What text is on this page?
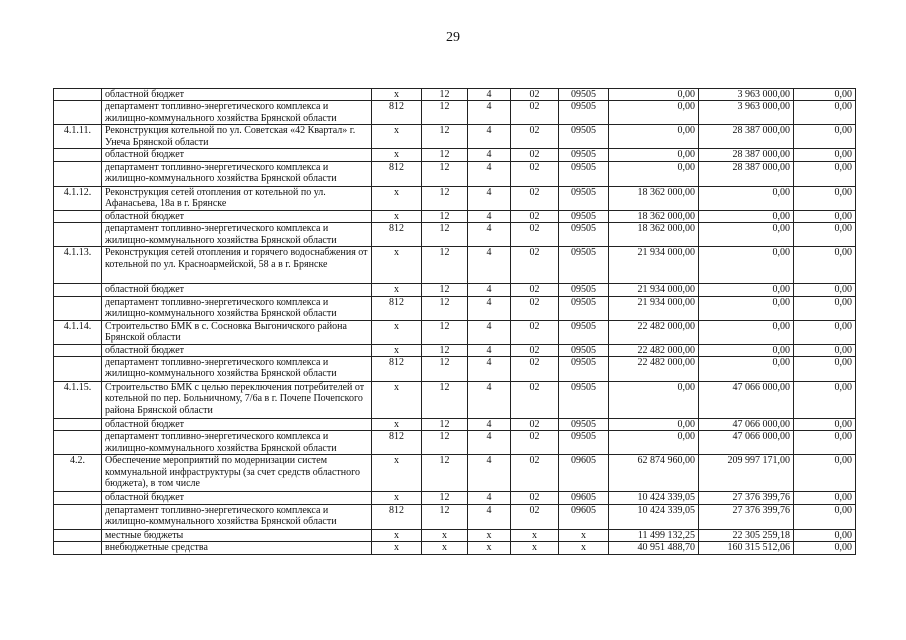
29
	областной бюджет	х	12	4	02	09505	0,00	3 963 000,00	0,00
	департамент топливно-энергетического комплекса и жилищно-коммунального хозяйства Брянской области	812	12	4	02	09505	0,00	3 963 000,00	0,00
4.1.11.	Реконструкция котельной по ул. Советская «42 Квартал» г. Унеча Брянской области	х	12	4	02	09505	0,00	28 387 000,00	0,00
	областной бюджет	х	12	4	02	09505	0,00	28 387 000,00	0,00
	департамент топливно-энергетического комплекса и жилищно-коммунального хозяйства Брянской области	812	12	4	02	09505	0,00	28 387 000,00	0,00
4.1.12.	Реконструкция сетей отопления от котельной по ул. Афанасьева, 18а в г. Брянске	х	12	4	02	09505	18 362 000,00	0,00	0,00
	областной бюджет	х	12	4	02	09505	18 362 000,00	0,00	0,00
	департамент топливно-энергетического комплекса и жилищно-коммунального хозяйства Брянской области	812	12	4	02	09505	18 362 000,00	0,00	0,00
4.1.13.	Реконструкция сетей отопления и горячего водоснабжения от котельной по ул. Красноармейской, 58 а в г. Брянске	х	12	4	02	09505	21 934 000,00	0,00	0,00
	областной бюджет	х	12	4	02	09505	21 934 000,00	0,00	0,00
	департамент топливно-энергетического комплекса и жилищно-коммунального хозяйства Брянской области	812	12	4	02	09505	21 934 000,00	0,00	0,00
4.1.14.	Строительство БМК в с. Сосновка Выгоничского района Брянской области	х	12	4	02	09505	22 482 000,00	0,00	0,00
	областной бюджет	х	12	4	02	09505	22 482 000,00	0,00	0,00
	департамент топливно-энергетического комплекса и жилищно-коммунального хозяйства Брянской области	812	12	4	02	09505	22 482 000,00	0,00	0,00
4.1.15.	Строительство БМК с целью переключения потребителей от котельной по пер. Больничному, 7/6а в г. Почепе Почепского района Брянской области	х	12	4	02	09505	0,00	47 066 000,00	0,00
	областной бюджет	х	12	4	02	09505	0,00	47 066 000,00	0,00
	департамент топливно-энергетического комплекса и жилищно-коммунального хозяйства Брянской области	812	12	4	02	09505	0,00	47 066 000,00	0,00
4.2.	Обеспечение мероприятий по модернизации систем коммунальной инфраструктуры (за счет средств областного бюджета), в том числе	х	12	4	02	09605	62 874 960,00	209 997 171,00	0,00
	областной бюджет	х	12	4	02	09605	10 424 339,05	27 376 399,76	0,00
	департамент топливно-энергетического комплекса и жилищно-коммунального хозяйства Брянской области	812	12	4	02	09605	10 424 339,05	27 376 399,76	0,00
	местные бюджеты	х	х	х	х	х	11 499 132,25	22 305 259,18	0,00
	внебюджетные средства	х	х	х	х	х	40 951 488,70	160 315 512,06	0,00
